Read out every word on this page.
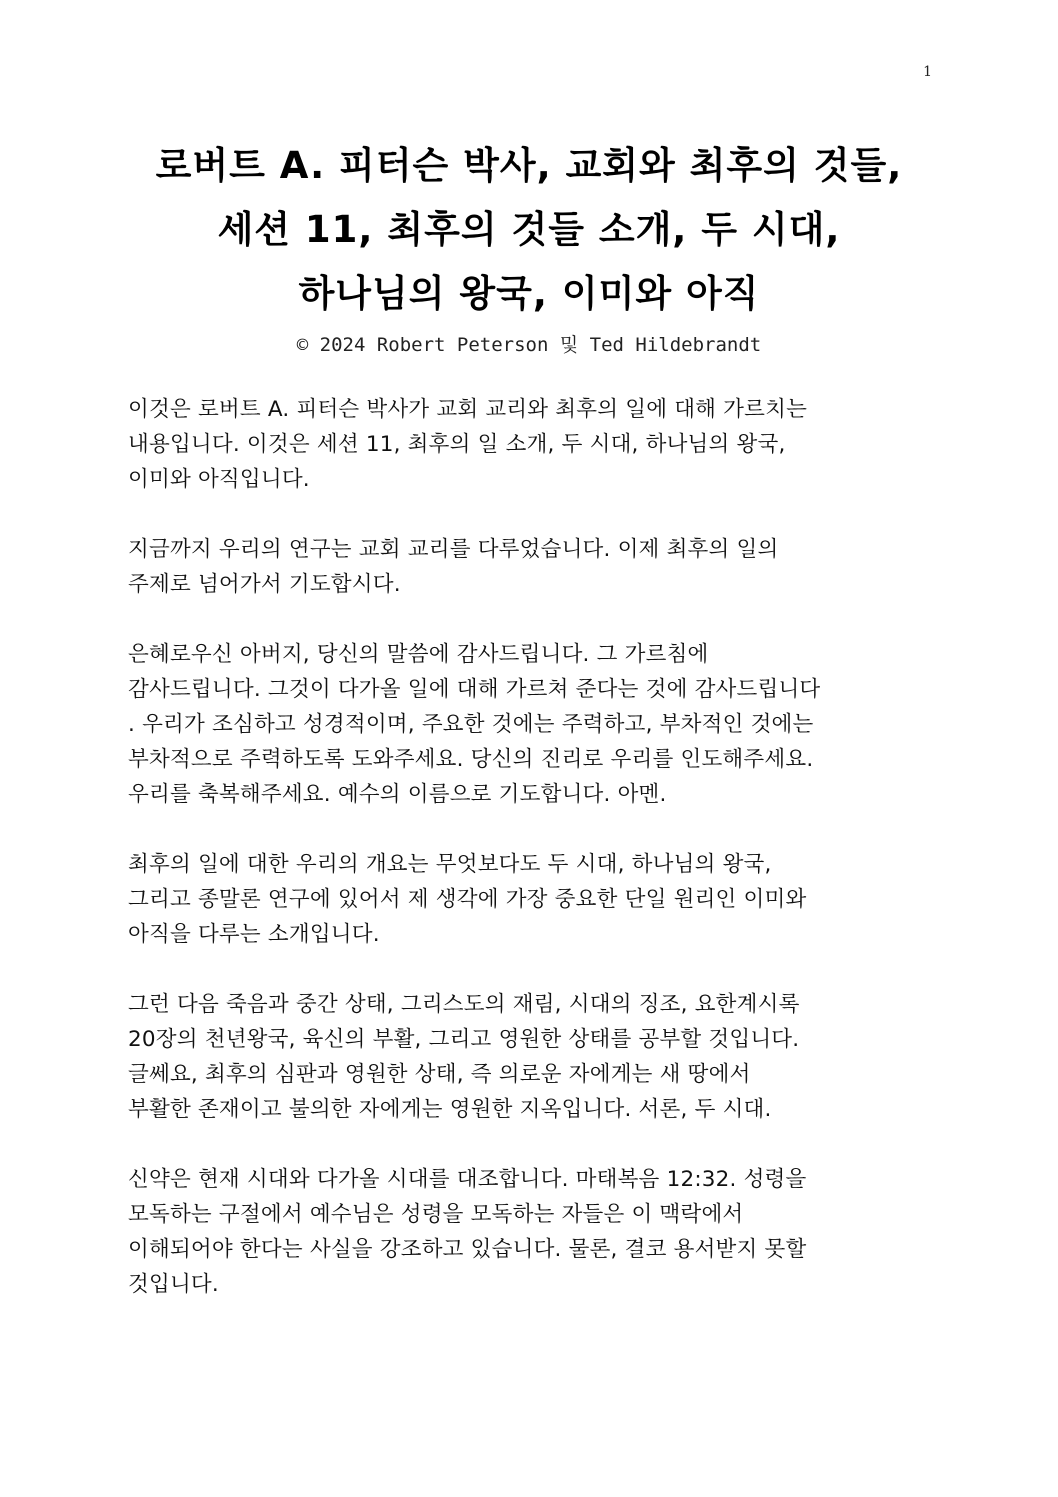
1
로버트 A. 피터슨 박사, 교회와 최후의 것들,
세션 11, 최후의 것들 소개, 두 시대,
하나님의 왕국, 이미와 아직
© 2024 Robert Peterson 및 Ted Hildebrandt

이것은 로버트 A. 피터슨 박사가 교회 교리와 최후의 일에 대해 가르치는
내용입니다. 이것은 세션 11, 최후의 일 소개, 두 시대, 하나님의 왕국,
이미와 아직입니다.

지금까지 우리의 연구는 교회 교리를 다루었습니다. 이제 최후의 일의
주제로 넘어가서 기도합시다.

은혜로우신 아버지, 당신의 말씀에 감사드립니다. 그 가르침에
감사드립니다. 그것이 다가올 일에 대해 가르쳐 준다는 것에 감사드립니다
. 우리가 조심하고 성경적이며, 주요한 것에는 주력하고, 부차적인 것에는
부차적으로 주력하도록 도와주세요. 당신의 진리로 우리를 인도해주세요.
우리를 축복해주세요. 예수의 이름으로 기도합니다. 아멘.

최후의 일에 대한 우리의 개요는 무엇보다도 두 시대, 하나님의 왕국,
그리고 종말론 연구에 있어서 제 생각에 가장 중요한 단일 원리인 이미와
아직을 다루는 소개입니다.

그런 다음 죽음과 중간 상태, 그리스도의 재림, 시대의 징조, 요한계시록
20장의 천년왕국, 육신의 부활, 그리고 영원한 상태를 공부할 것입니다.
글쎄요, 최후의 심판과 영원한 상태, 즉 의로운 자에게는 새 땅에서
부활한 존재이고 불의한 자에게는 영원한 지옥입니다. 서론, 두 시대.

신약은 현재 시대와 다가올 시대를 대조합니다. 마태복음 12:32. 성령을
모독하는 구절에서 예수님은 성령을 모독하는 자들은 이 맥락에서
이해되어야 한다는 사실을 강조하고 있습니다. 물론, 결코 용서받지 못할
것입니다.
